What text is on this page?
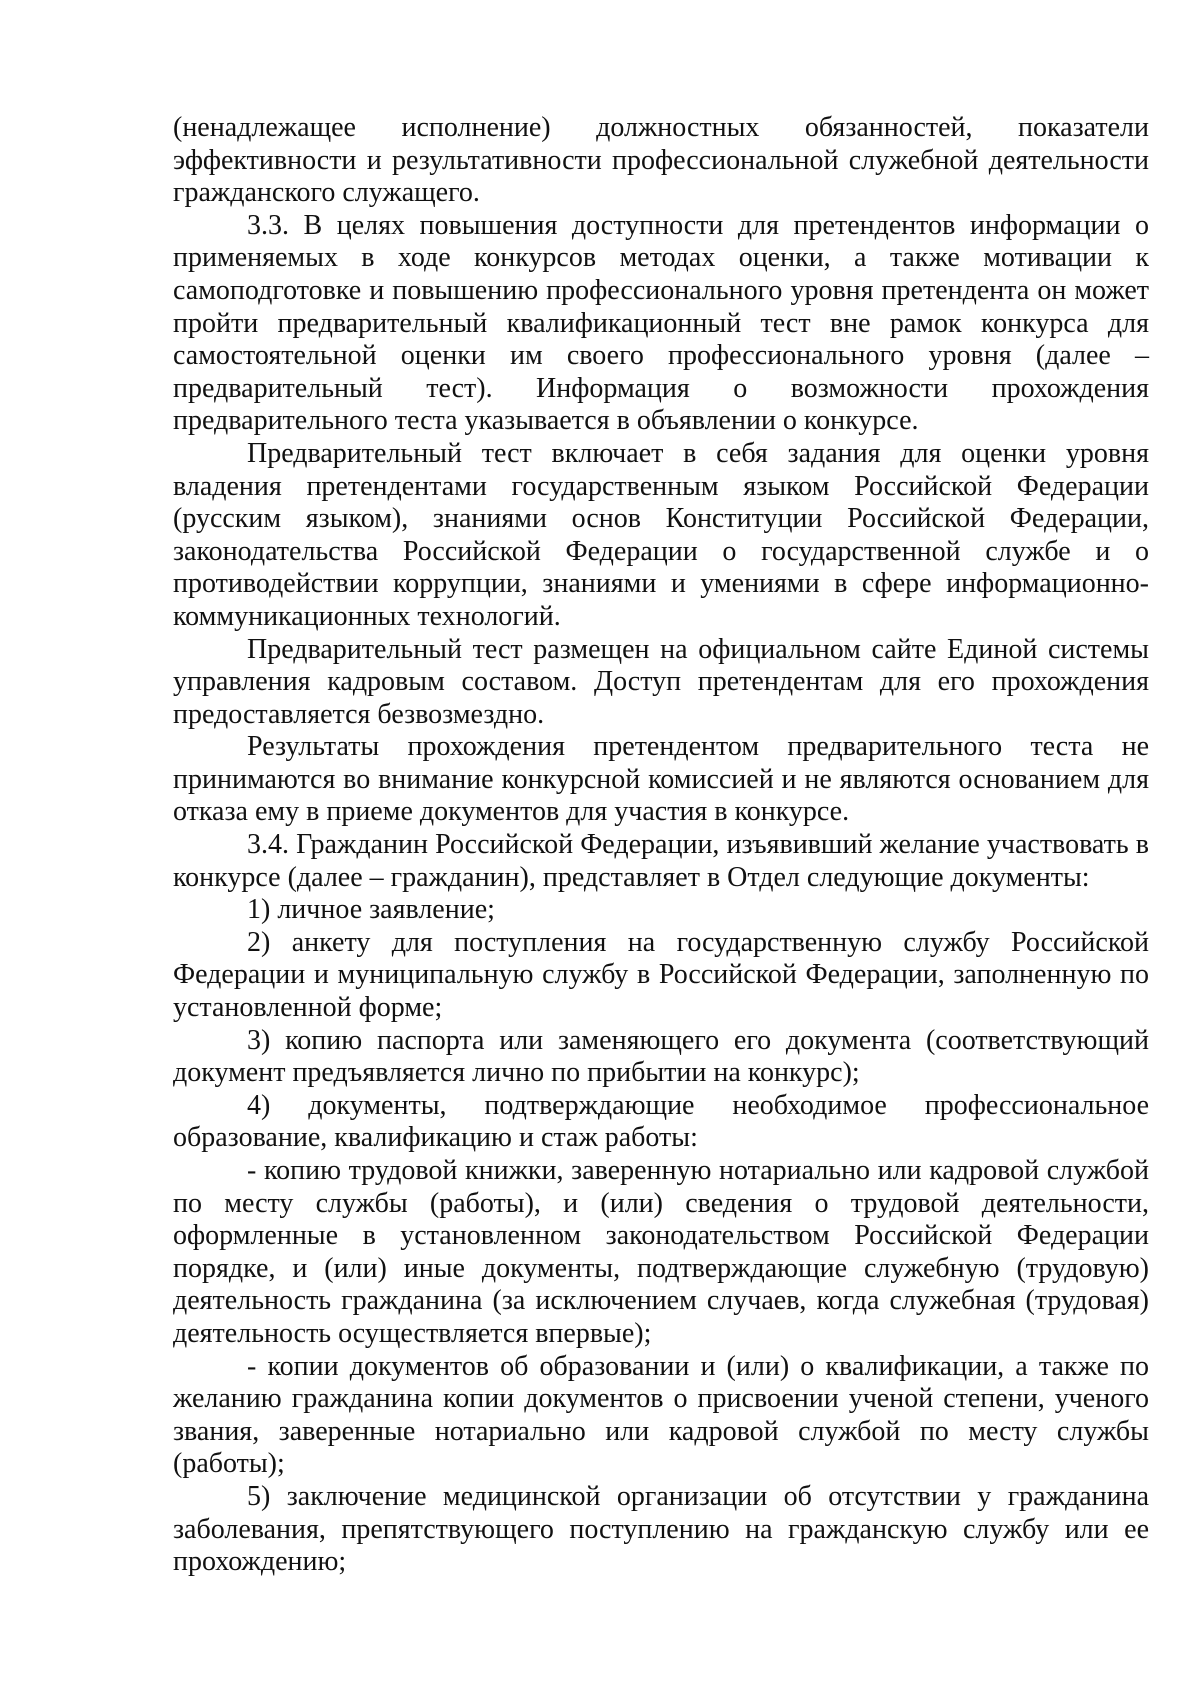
(ненадлежащее исполнение) должностных обязанностей, показатели эффективности и результативности профессиональной служебной деятельности гражданского служащего.

3.3. В целях повышения доступности для претендентов информации о применяемых в ходе конкурсов методах оценки, а также мотивации к самоподготовке и повышению профессионального уровня претендента он может пройти предварительный квалификационный тест вне рамок конкурса для самостоятельной оценки им своего профессионального уровня (далее – предварительный тест). Информация о возможности прохождения предварительного теста указывается в объявлении о конкурсе.

Предварительный тест включает в себя задания для оценки уровня владения претендентами государственным языком Российской Федерации (русским языком), знаниями основ Конституции Российской Федерации, законодательства Российской Федерации о государственной службе и о противодействии коррупции, знаниями и умениями в сфере информационно-коммуникационных технологий.

Предварительный тест размещен на официальном сайте Единой системы управления кадровым составом. Доступ претендентам для его прохождения предоставляется безвозмездно.

Результаты прохождения претендентом предварительного теста не принимаются во внимание конкурсной комиссией и не являются основанием для отказа ему в приеме документов для участия в конкурсе.

3.4. Гражданин Российской Федерации, изъявивший желание участвовать в конкурсе (далее – гражданин), представляет в Отдел следующие документы:

1) личное заявление;

2) анкету для поступления на государственную службу Российской Федерации и муниципальную службу в Российской Федерации, заполненную по установленной форме;

3) копию паспорта или заменяющего его документа (соответствующий документ предъявляется лично по прибытии на конкурс);

4) документы, подтверждающие необходимое профессиональное образование, квалификацию и стаж работы:

- копию трудовой книжки, заверенную нотариально или кадровой службой по месту службы (работы), и (или) сведения о трудовой деятельности, оформленные в установленном законодательством Российской Федерации порядке, и (или) иные документы, подтверждающие служебную (трудовую) деятельность гражданина (за исключением случаев, когда служебная (трудовая) деятельность осуществляется впервые);

- копии документов об образовании и (или) о квалификации, а также по желанию гражданина копии документов о присвоении ученой степени, ученого звания, заверенные нотариально или кадровой службой по месту службы (работы);

5) заключение медицинской организации об отсутствии у гражданина заболевания, препятствующего поступлению на гражданскую службу или ее прохождению;
